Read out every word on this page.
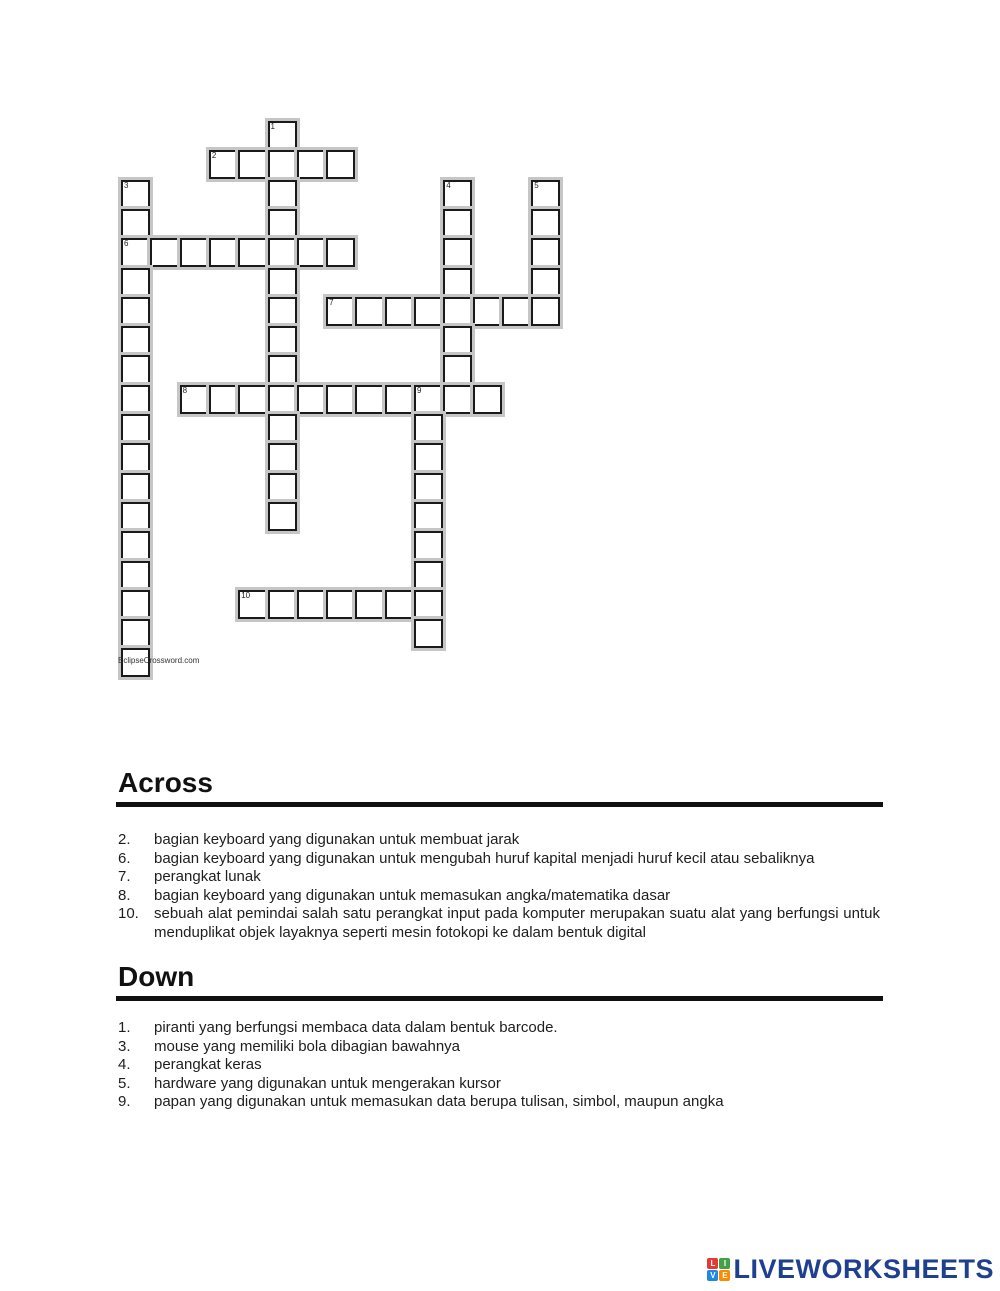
1
2
3	4	5
6
7
8	9
10
EclipseCrossword.com
Across
2.	bagian keyboard yang digunakan untuk membuat jarak
6.	bagian keyboard yang digunakan untuk mengubah huruf kapital menjadi huruf kecil atau sebaliknya
7.	perangkat lunak
8.	bagian keyboard yang digunakan untuk memasukan angka/matematika dasar
10.	sebuah alat pemindai salah satu perangkat input pada komputer merupakan suatu alat yang berfungsi untuk menduplikat objek layaknya seperti mesin fotokopi ke dalam bentuk digital
Down
1.	piranti yang berfungsi membaca data dalam bentuk barcode.
3.	mouse yang memiliki bola dibagian bawahnya
4.	perangkat keras
5.	hardware yang digunakan untuk mengerakan kursor
9.	papan yang digunakan untuk memasukan data berupa tulisan, simbol, maupun angka
L	I
V E LIVEWORKSHEETS
